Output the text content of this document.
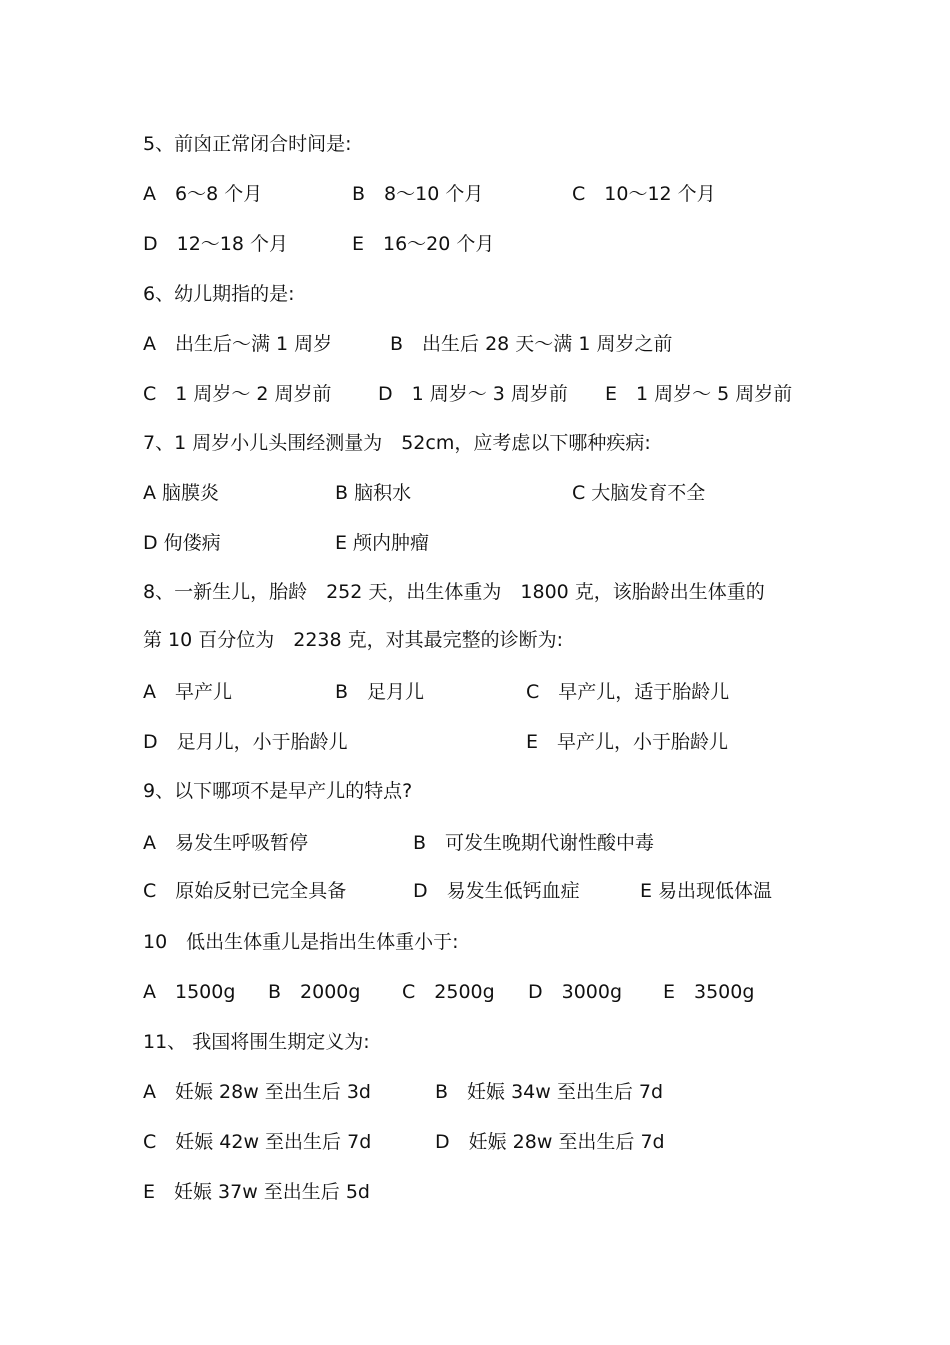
5、前囟正常闭合时间是:
A　6～8 个月	B　8～10 个月	C　10～12 个月
D　12～18 个月	E　16～20 个月
6、幼儿期指的是:
A　出生后～满 1 周岁	B　出生后 28 天～满 1 周岁之前
C　1 周岁～ 2 周岁前 D　1 周岁～ 3 周岁前 E　1 周岁～ 5 周岁前
7、1 周岁小儿头围经测量为　52cm，应考虑以下哪种疾病:
A 脑膜炎	B 脑积水	C 大脑发育不全
D 佝偻病	E 颅内肿瘤
8、一新生儿，胎龄　252 天，出生体重为　1800 克，该胎龄出生体重的
第 10 百分位为　2238 克，对其最完整的诊断为:
A　早产儿	B　足月儿	C　早产儿，适于胎龄儿
D　足月儿，小于胎龄儿	E　早产儿，小于胎龄儿
9、以下哪项不是早产儿的特点?
A　易发生呼吸暂停	B　可发生晚期代谢性酸中毒
C　原始反射已完全具备	D　易发生低钙血症	E 易出现低体温
10　低出生体重儿是指出生体重小于:
A　1500g B　2000g C　2500g D　3000g E　3500g
11、 我国将围生期定义为:
A　妊娠 28w 至出生后 3d	B　妊娠 34w 至出生后 7d
C　妊娠 42w 至出生后 7d	D　妊娠 28w 至出生后 7d
E　妊娠 37w 至出生后 5d
